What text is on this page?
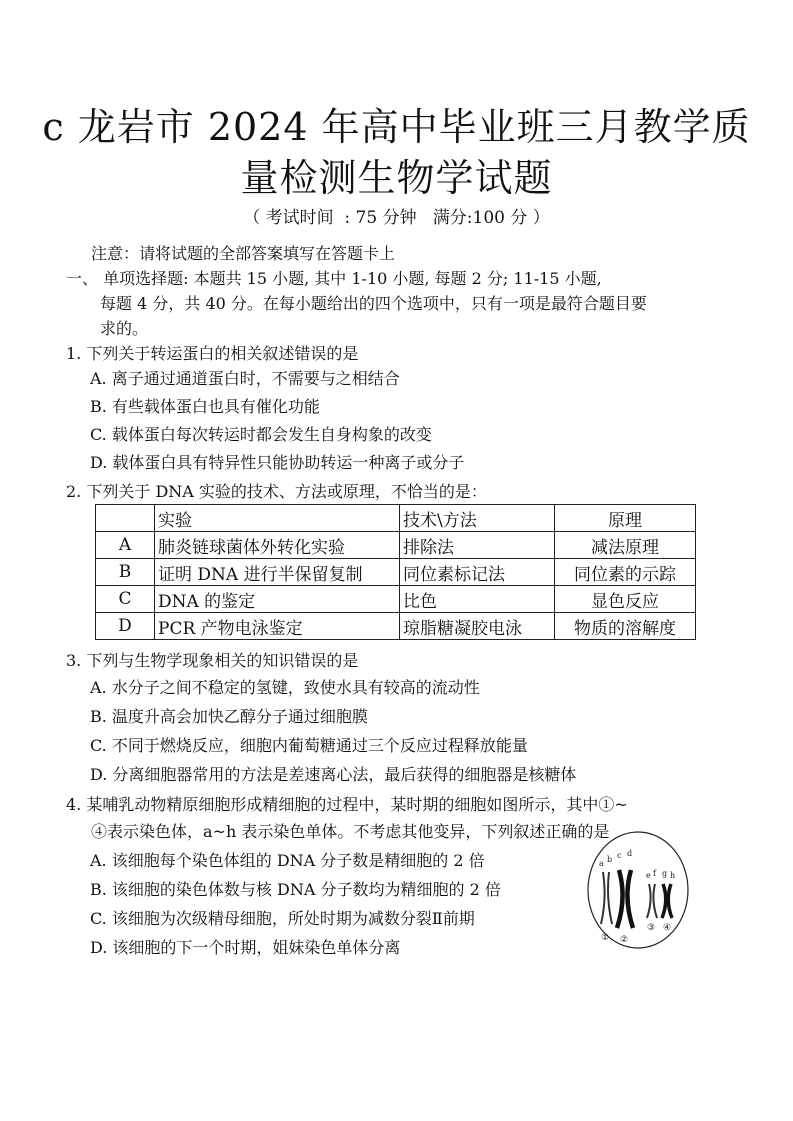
c 龙岩市 2024 年高中毕业班三月教学质
量检测生物学试题
（ 考试时间  : 75 分钟   满分:100 分 ）
注意：请将试题的全部答案填写在答题卡上
一、 单项选择题: 本题共 15 小题, 其中 1-10 小题, 每题 2 分; 11-15 小题,
每题 4 分，共 40 分。在每小题给出的四个选项中，只有一项是最符合题目要
求的。
1. 下列关于转运蛋白的相关叙述错误的是
A. 离子通过通道蛋白时，不需要与之相结合
B. 有些载体蛋白也具有催化功能
C. 载体蛋白每次转运时都会发生自身构象的改变
D. 载体蛋白具有特异性只能协助转运一种离子或分子
2. 下列关于 DNA 实验的技术、方法或原理，不恰当的是：
	实验	技术\方法	原理
A	肺炎链球菌体外转化实验	排除法	减法原理
B	证明 DNA 进行半保留复制	同位素标记法	同位素的示踪
C	DNA 的鉴定	比色	显色反应
D	PCR 产物电泳鉴定	琼脂糖凝胶电泳	物质的溶解度
3. 下列与生物学现象相关的知识错误的是
A. 水分子之间不稳定的氢键，致使水具有较高的流动性
B. 温度升高会加快乙醇分子通过细胞膜
C. 不同于燃烧反应，细胞内葡萄糖通过三个反应过程释放能量
D. 分离细胞器常用的方法是差速离心法，最后获得的细胞器是核糖体
4. 某哺乳动物精原细胞形成精细胞的过程中，某时期的细胞如图所示，其中①~
④表示染色体，a~h 表示染色单体。不考虑其他变异，下列叙述正确的是
A. 该细胞每个染色体组的 DNA 分子数是精细胞的 2 倍
B. 该细胞的染色体数与核 DNA 分子数均为精细胞的 2 倍
C. 该细胞为次级精母细胞，所处时期为减数分裂Ⅱ前期
D. 该细胞的下一个时期，姐妹染色单体分离
a b c d
e f g h
① ②
③ ④
